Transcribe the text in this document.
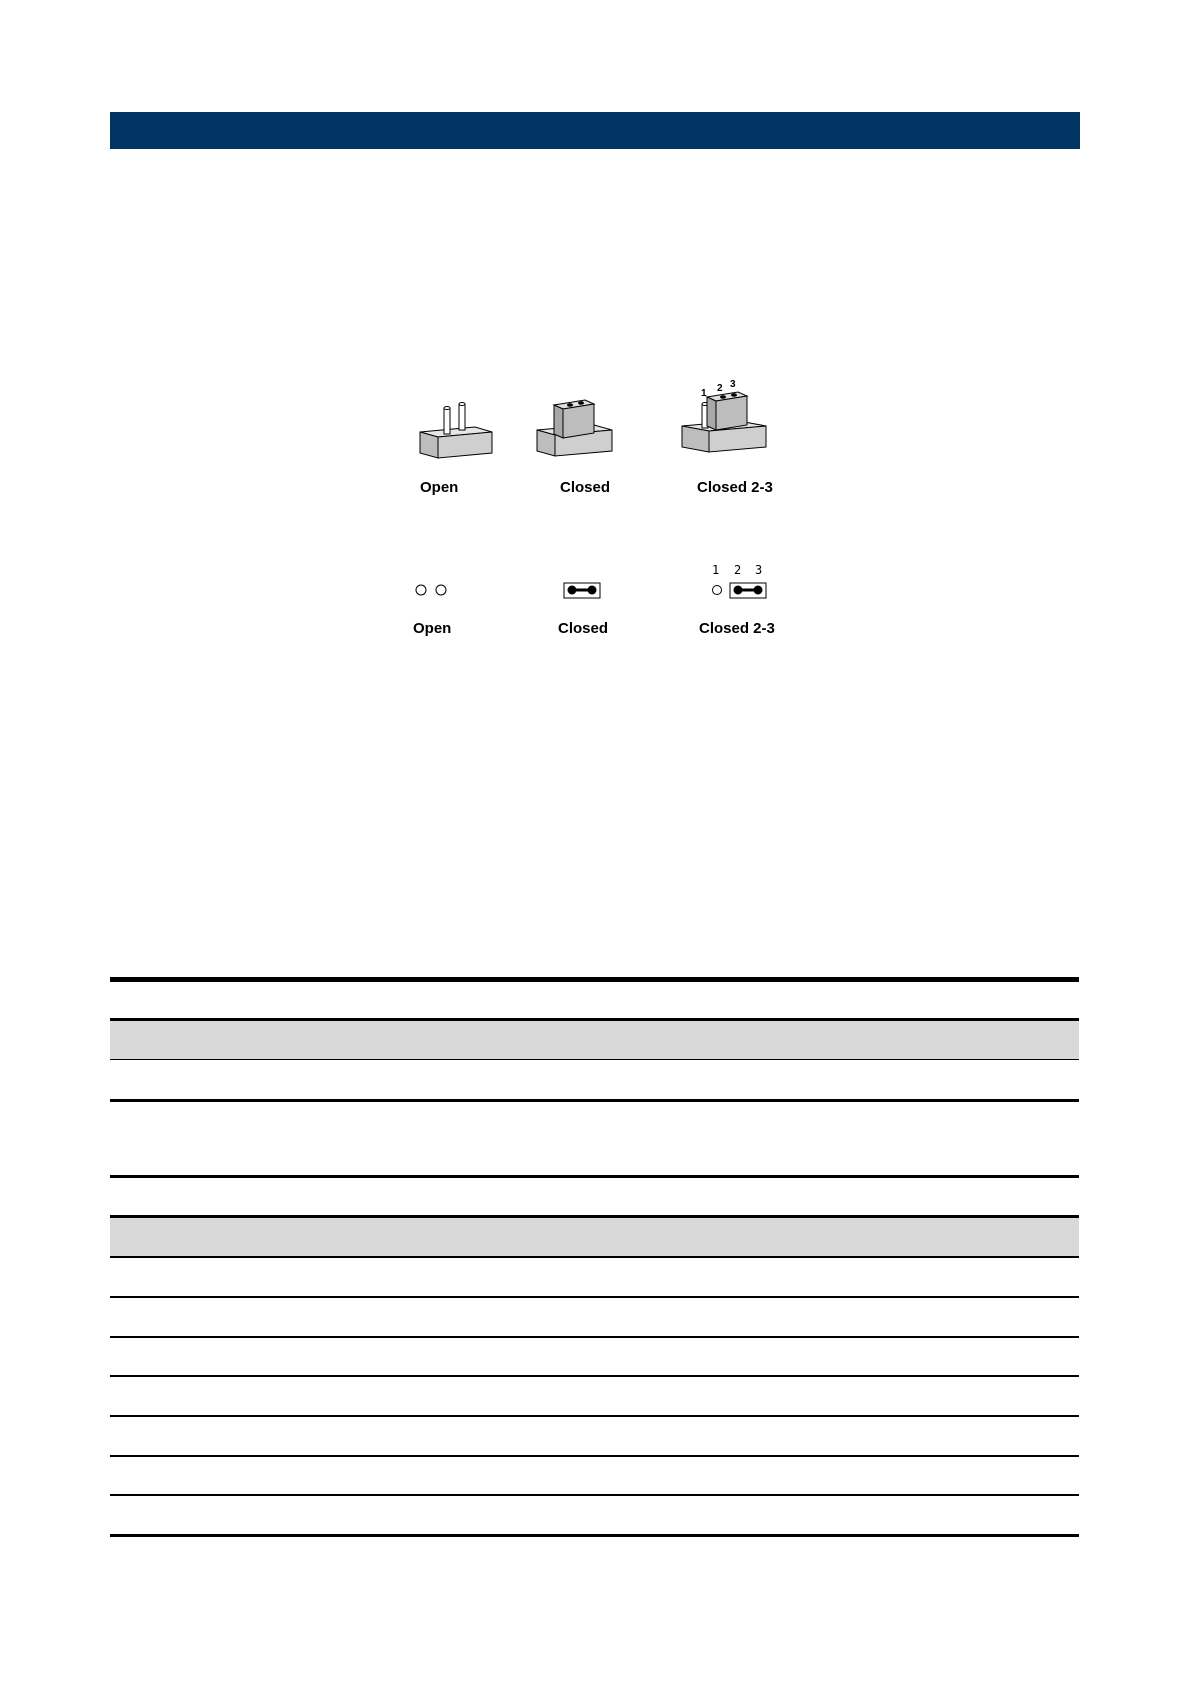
1 2 3
Open	Closed	Closed 2-3
1 2 3
Open	Closed	Closed 2-3
